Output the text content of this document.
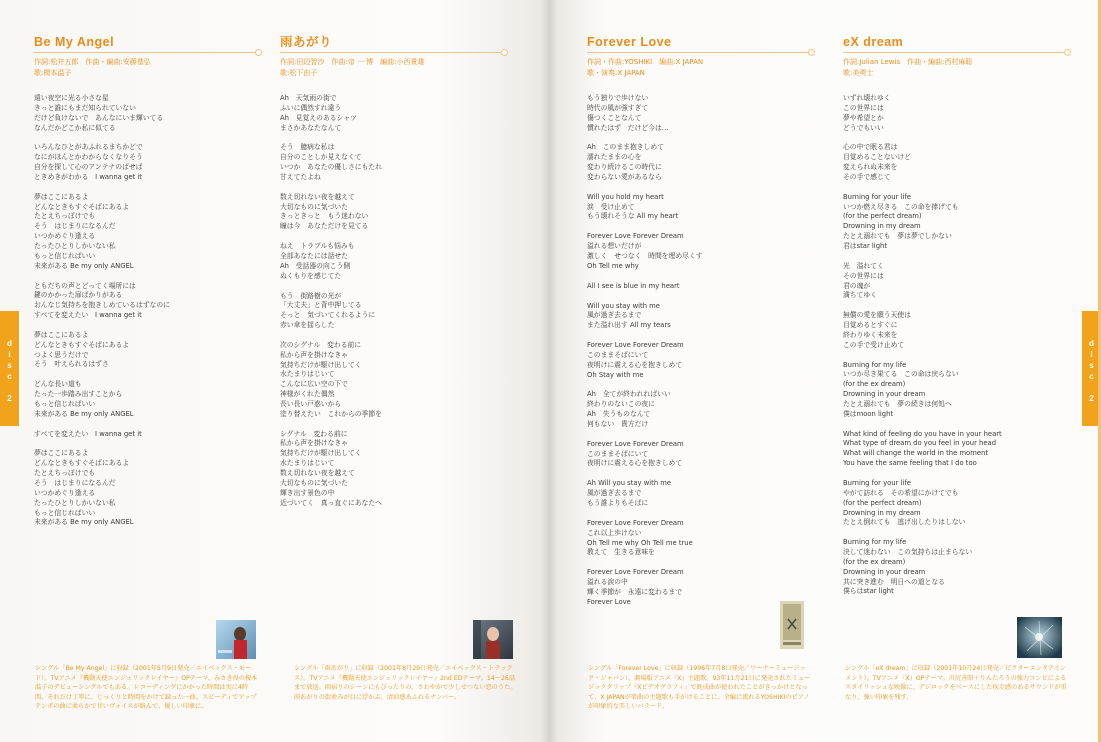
d
i
s
c

2
d
i
s
c

2
Be My Angel
作詞:松井五郎　作曲・編曲:安藤基弘
歌:榎本温子
遠い夜空に光る小さな星
きっと誰にもまだ知られていない
だけど負けないで　あんなにいま輝いてる
なんだかどこか私に似てる
いろんなひとがあふれるまちかどで
なにがほんとかわからなくなりそう
自分を探して心のアンテナのばせば
ときめきがわかる　I wanna get it
夢はここにあるよ
どんなときもすぐそばにあるよ
たとえちっぽけでも
そう　はじまりになるんだ
いつかめぐり逢える
たったひとりしかいない私
もっと信じればいい
未来がある Be my only ANGEL
ともだちの声とどってく場所には
鍵のかかった扉ばかりがある
おんなじ気持ちを抱きしめているはずなのに
すべてを変えたい　I wanna get it
夢はここにあるよ
どんなときもすぐそばにあるよ
つよく思うだけで
そう　叶えられるはずさ
どんな長い道も
たった一歩踏み出すことから
もっと信じればいい
未来がある Be my only ANGEL
すべてを変えたい　I wanna get it
夢はここにあるよ
どんなときもすぐそばにあるよ
たとえちっぽけでも
そう　はじまりになるんだ
いつかめぐり逢える
たったひとりしかいない私
もっと信じればいい
未来がある Be my only ANGEL
雨あがり
作詞:田辺智沙　作曲:帝 一 博　編曲:小西貴雄
歌:松下由子
Ah　天気雨の街で
ふいに偶然すれ違う
Ah　見覚えのあるシャツ
まさかあなたなんて
そう　臆病な私は
自分のことしか見えなくて
いつか　あなたの優しさにもたれ
甘えてたよね
数え切れない夜を越えて
大切なものに気づいた
きっときっと　もう迷わない
瞳は今　あなただけを見てる
ねえ　トラブルも悩みも
全部あなたには話せた
Ah　受話器の向こう側
ぬくもりを感じてた
もう　街路樹の光が
「大丈夫」と背中押してる
そっと　気づいてくれるように
赤い傘を揺らした
次のシグナル　変わる前に
私から声を掛けなきゃ
気持ちだけが駆け出してく
水たまりはじいて
こんなに広い空の下で
神様がくれた偶然
長い長い戸惑いから
塗り替えたい　これからの季節を
シグナル　変わる前に
私から声を掛けなきゃ
気持ちだけが駆け出してく
水たまりはじいて
数え切れない夜を越えて
大切なものに気づいた
輝き出す景色の中
近づいてく　真っ直ぐにあなたへ
Forever Love
作詞・作曲:YOSHIKI　編曲:X JAPAN
歌・演奏:X JAPAN
もう独りで歩けない
時代の風が強すぎて
傷つくことなんて
慣れたはず　だけど今は…
Ah　このまま抱きしめて
濡れたままの心を
変わり続けるこの時代に
変わらない愛があるなら
Will you hold my heart
涙　受け止めて
もう壊れそうな All my heart
Forever Love Forever Dream
溢れる想いだけが
激しく　せつなく　時間を埋め尽くす
Oh Tell me why
All I see is blue in my heart
Will you stay with me
風が過ぎ去るまで
また溢れ出す All my tears
Forever Love Forever Dream
このままそばにいて
夜明けに震える心を抱きしめて
Oh Stay with me
Ah　全てが終われればいい
終わりのないこの夜に
Ah　失うものなんて
何もない　貴方だけ
Forever Love Forever Dream
このままそばにいて
夜明けに震える心を抱きしめて
Ah Will you stay with me
風が過ぎ去るまで
もう誰よりもそばに
Forever Love Forever Dream
これ以上歩けない
Oh Tell me why Oh Tell me true
教えて　生きる意味を
Forever Love Forever Dream
溢れる涙の中
輝く季節が　永遠に変わるまで
Forever Love
eX dream
作詞:Julian Lewis　作曲・編曲:西村麻聡
歌:美勇士
いずれ壊れゆく
この世界には
夢や希望とか
どうでもいい
心の中で眠る君は
目覚めることないけど
変えられぬ未来を
その手で感じて
Burning for your life
いつか燃え尽きる　この命を捧げても
(for the perfect dream)
Drowning in my dream
たとえ溺れても　夢は夢でしかない
君はstar light
光　溢れてく
その世界には
君の魂が
満ちてゆく
無償の愛を願う天使は
目覚めるとすぐに
終わりゆく未来を
この手で受け止めて
Burning for my life
いつか尽き果てる　この命は戻らない
(for the ex dream)
Drowning in your dream
たとえ溺れても　夢の続きは何処へ
僕はmoon light
What kind of feeling do you have in your heart
What type of dream do you feel in your head
What will change the world in the moment
You have the same feeling that I do too
Burning for your life
やがて訪れる　その希望にかけてでも
(for the perfect dream)
Drowning in my dream
たとえ倒れても　逃げ出したりはしない
Burning for my life
決して迷わない　この気持ちは止まらない
(for the ex dream)
Drowning in your dream
共に突き進む　明日への道となる
僕らはstar light
シングル「Be My Angel」に収録（2001年5月9日発売／エイベックス・モード）。TVアニメ『機動天使エンジェリックレイヤー』OPテーマ。みさき役の榎本温子のデビューシングルでもある。レコーディングにかかった時間は実に4時間。それだけ丁寧に、じっくりと時間をかけて録った一曲。スピーディでアップテンポの曲に柔らかで甘いヴォイスが絡んで、優しい印象に。
シングル「雨あがり」に収録（2001年8月29日発売／エイベックス・トラックス）。TVアニメ『機動天使エンジェリックレイヤー』2nd EDテーマ。14〜26話まで放送。雨宿りのシーンにもぴったりの、さわやかで少しせつない恋のうた。雨あがりの街並みが目に浮かぶ、清涼感あふれるナンバー。
シングル「Forever Love」に収録（1996年7月8日発売／ワーナーミュージック・ジャパン）。劇場版アニメ『X』主題歌。93年11月21日に発売されたミュージッククリップ『Xビデオグラフィ』で既成曲が使われたことがきっかけとなって、X JAPANが楽曲の主題歌も手がけることに。全編に流れるYOSHIKIのピアノが印象的な美しいバラード。
シングル「eX dream」に収録（2001年10月24日発売／ビクターエンタテインメント）。TVアニメ『X』OPテーマ。川尻善昭＋りんたろうの強力コンビによるスタイリッシュな映像に、デジロックをベースにした疾走感のあるサウンドが重なり、強い印象を残す。
